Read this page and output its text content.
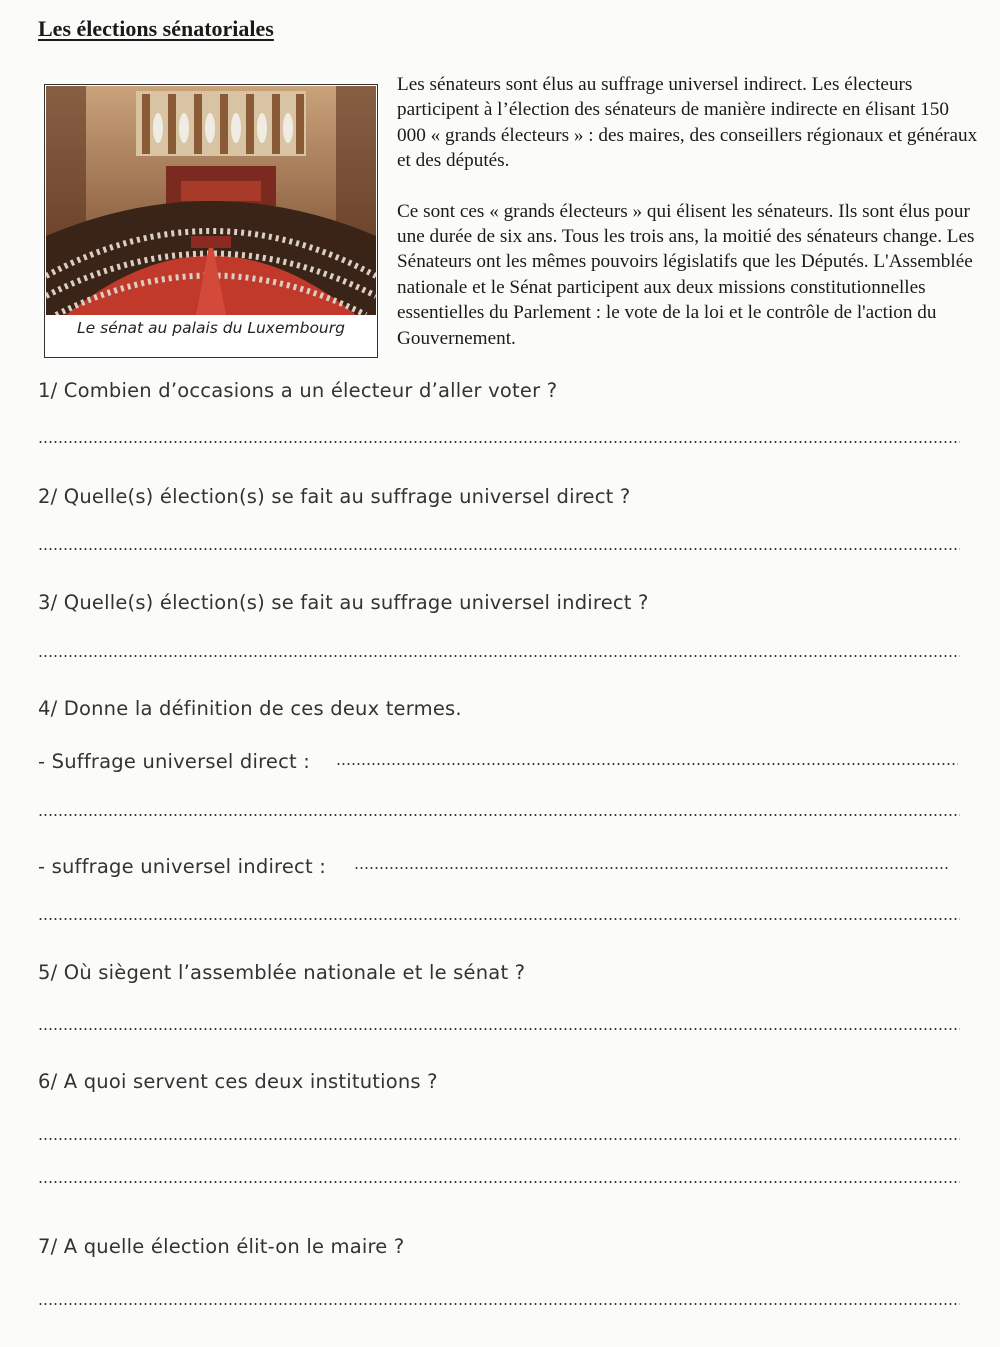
Les élections sénatoriales
Le sénat au palais du Luxembourg

Les sénateurs sont élus au suffrage universel indirect. Les électeurs participent à l’élection des sénateurs de manière indirecte en élisant 150 000 « grands électeurs » : des maires, des conseillers régionaux et généraux et des députés.

Ce sont ces « grands électeurs » qui élisent les sénateurs. Ils sont élus pour une durée de six ans. Tous les trois ans, la moitié des sénateurs change. Les Sénateurs ont les mêmes pouvoirs législatifs que les Députés. L'Assemblée nationale et le Sénat participent aux deux missions constitutionnelles essentielles du Parlement : le vote de la loi et le contrôle de l'action du Gouvernement.

1/ Combien d’occasions a un électeur d’aller voter ?
2/ Quelle(s) élection(s) se fait au suffrage universel direct ?
3/ Quelle(s) élection(s) se fait au suffrage universel indirect ?
4/ Donne la définition de ces deux termes.
- Suffrage universel direct :
- suffrage universel indirect :
5/ Où siègent l’assemblée nationale et le sénat ?
6/ A quoi servent ces deux institutions ?
7/ A quelle élection élit-on le maire ?
